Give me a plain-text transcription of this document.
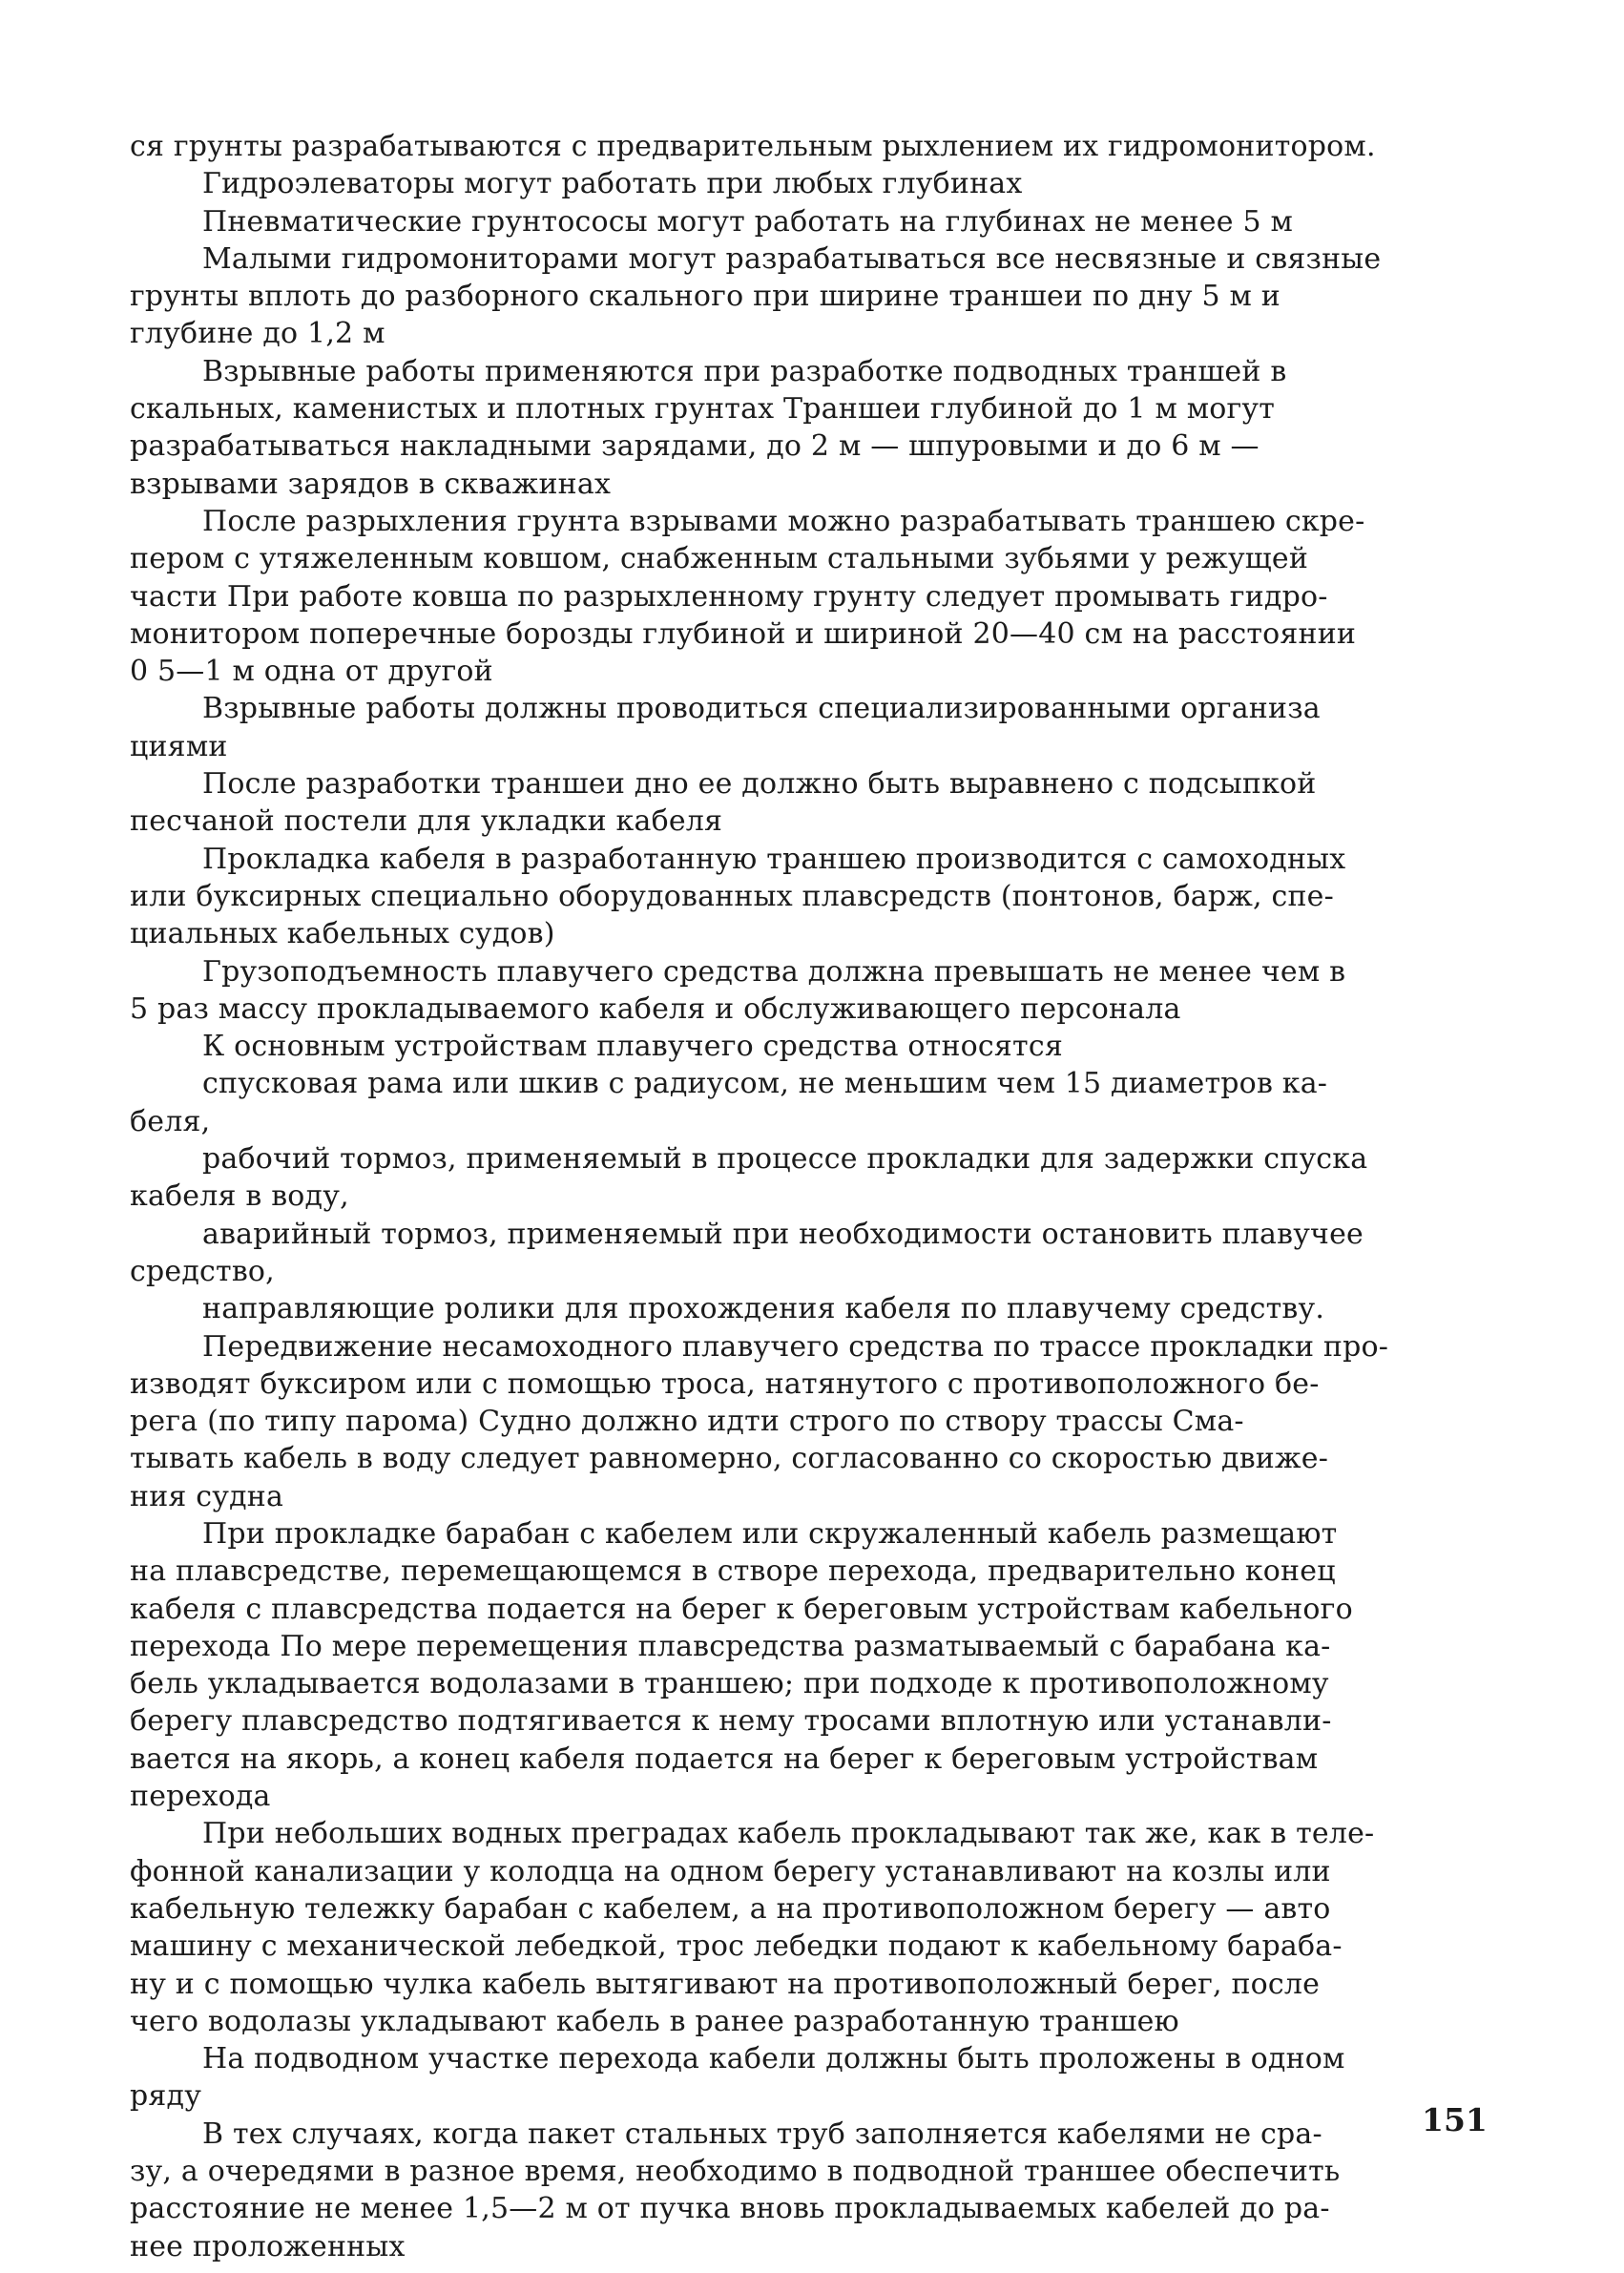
ся грунты разрабатываются с предварительным рыхлением их гидромонитором.
Гидроэлеваторы могут работать при любых глубинах
Пневматические грунтососы могут работать на глубинах не менее 5 м
Малыми гидромониторами могут разрабатываться все несвязные и связные
грунты вплоть до разборного скального при ширине траншеи по дну 5 м и
глубине до 1,2 м
Взрывные работы применяются при разработке подводных траншей в
скальных, каменистых и плотных грунтах Траншеи глубиной до 1 м могут
разрабатываться накладными зарядами, до 2 м — шпуровыми и до 6 м —
взрывами зарядов в скважинах
После разрыхления грунта взрывами можно разрабатывать траншею скре-
пером с утяжеленным ковшом, снабженным стальными зубьями у режущей
части При работе ковша по разрыхленному грунту следует промывать гидро-
монитором поперечные борозды глубиной и шириной 20—40 см на расстоянии
0 5—1 м одна от другой
Взрывные работы должны проводиться специализированными организа
циями
После разработки траншеи дно ее должно быть выравнено с подсыпкой
песчаной постели для укладки кабеля
Прокладка кабеля в разработанную траншею производится с самоходных
или буксирных специально оборудованных плавсредств (понтонов, барж, спе-
циальных кабельных судов)
Грузоподъемность плавучего средства должна превышать не менее чем в
5 раз массу прокладываемого кабеля и обслуживающего персонала
К основным устройствам плавучего средства относятся
спусковая рама или шкив с радиусом, не меньшим чем 15 диаметров ка-
беля,
рабочий тормоз, применяемый в процессе прокладки для задержки спуска
кабеля в воду,
аварийный тормоз, применяемый при необходимости остановить плавучее
средство,
направляющие ролики для прохождения кабеля по плавучему средству.
Передвижение несамоходного плавучего средства по трассе прокладки про-
изводят буксиром или с помощью троса, натянутого с противоположного бе-
рега (по типу парома) Судно должно идти строго по створу трассы Сма-
тывать кабель в воду следует равномерно, согласованно со скоростью движе-
ния судна
При прокладке барабан с кабелем или скружаленный кабель размещают
на плавсредстве, перемещающемся в створе перехода, предварительно конец
кабеля с плавсредства подается на берег к береговым устройствам кабельного
перехода По мере перемещения плавсредства разматываемый с барабана ка-
бель укладывается водолазами в траншею; при подходе к противоположному
берегу плавсредство подтягивается к нему тросами вплотную или устанавли-
вается на якорь, а конец кабеля подается на берег к береговым устройствам
перехода
При небольших водных преградах кабель прокладывают так же, как в теле-
фонной канализации у колодца на одном берегу устанавливают на козлы или
кабельную тележку барабан с кабелем, а на противоположном берегу — авто
машину с механической лебедкой, трос лебедки подают к кабельному бараба-
ну и с помощью чулка кабель вытягивают на противоположный берег, после
чего водолазы укладывают кабель в ранее разработанную траншею
На подводном участке перехода кабели должны быть проложены в одном
ряду
В тех случаях, когда пакет стальных труб заполняется кабелями не сра-
зу, а очередями в разное время, необходимо в подводной траншее обеспечить
расстояние не менее 1,5—2 м от пучка вновь прокладываемых кабелей до ра-
нее проложенных
151
